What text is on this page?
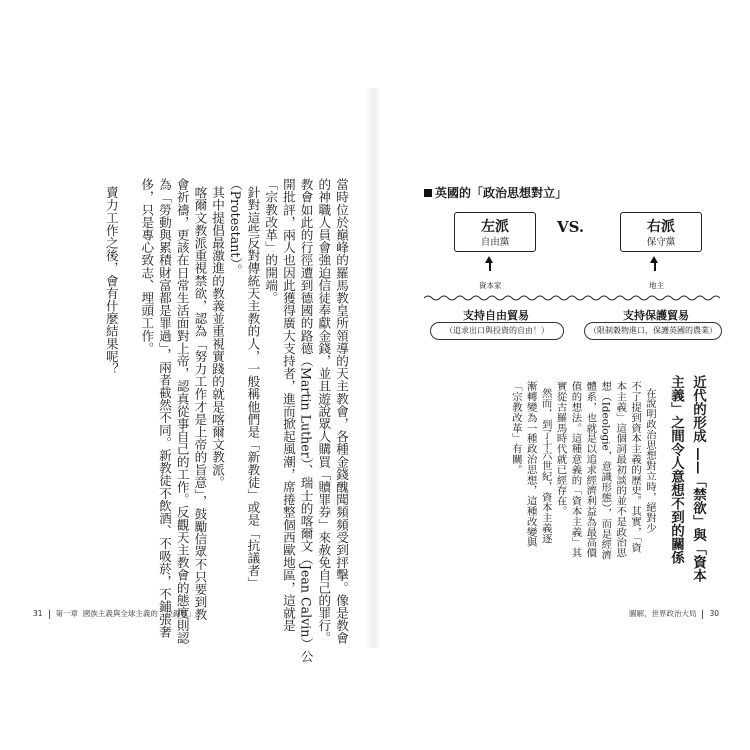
當時位於巔峰的羅馬教皇所領導的天主教會，各種金錢醜聞頻頻受到抨擊。像是教會
的神職人員會強迫信徒奉獻金錢，並且遊說眾人購買「贖罪券」來赦免自己的罪行。
教會如此的行徑遭到德國的路德（Martin Luther）、瑞士的喀爾文（Jean Calvin）公
開批評，兩人也因此獲得廣大支持者，進而掀起風潮，席捲整個西歐地區，這就是
「宗教改革」的開端。
針對這些反對傳統天主教的人，一般稱他們是「新教徒」或是「抗議者」
（Protestant）。
其中提倡最激進的教義並重視實踐的就是喀爾文教派。
喀爾文教派重視禁欲，認為「努力工作才是上帝的旨意」，鼓勵信眾不只要到教
會祈禱，更該在日常生活面對上帝，認真從事自己的工作。反觀天主教會的態度則認
為「勞動與累積財富都是罪過」，兩者截然不同。新教徒不飲酒、不吸菸，不鋪張奢
侈，只是專心致志、埋頭工作。

賣力工作之後，會有什麼結果呢？
31 第一章 國族主義與全球主義的「拉鋸戰」
英國的「政治思想對立」
左派
自由黨
VS.	右派
保守黨
資本家	地主
支持自由貿易	支持保護貿易
（追求出口與投資的自由！）	（限制穀物進口，保護英國的農業）
近代的形成 ——「禁欲」與「資本
主義」之間令人意想不到的關係
在說明政治思想對立時，絕對少
不了提到資本主義的歷史。其實，「資
本主義」這個詞最初談的並不是政治思
想（Ideologie，意識形態），而是經濟
體系，也就是以追求經濟利益為最高價
值的想法。這種意義的「資本主義」其
實從古羅馬時代就已經存在。
然而，到了十六世紀，資本主義逐
漸轉變為一種政治思想，這種改變與
「宗教改革」有關。
圖解，世界政治大局 30
